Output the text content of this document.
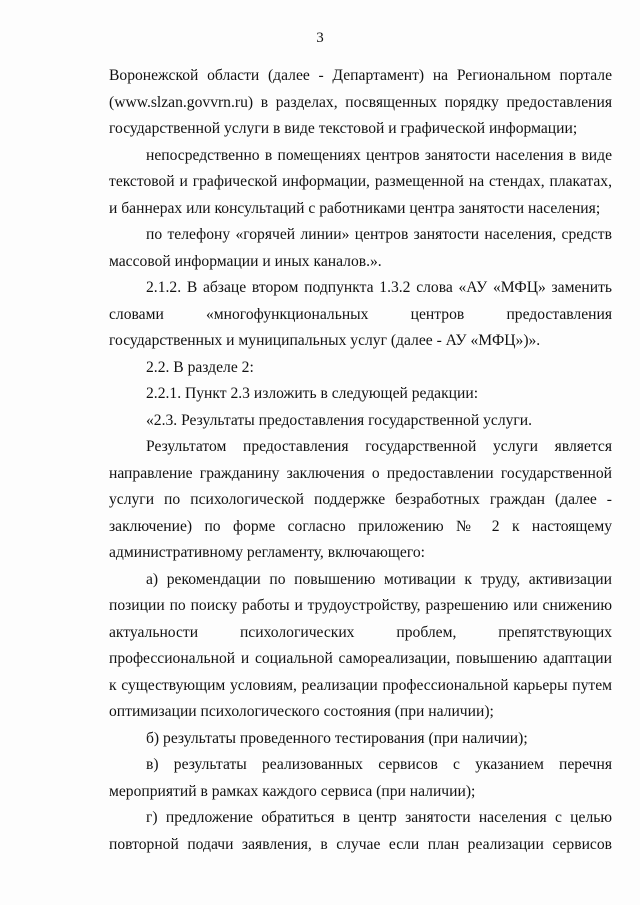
3

Воронежской области (далее - Департамент) на Региональном портале (www.slzan.govvrn.ru) в разделах, посвященных порядку предоставления государственной услуги в виде текстовой и графической информации;

непосредственно в помещениях центров занятости населения в виде текстовой и графической информации, размещенной на стендах, плакатах, и баннерах или консультаций с работниками центра занятости населения;

по телефону «горячей линии» центров занятости населения, средств массовой информации и иных каналов.».

2.1.2. В абзаце втором подпункта 1.3.2 слова «АУ «МФЦ» заменить словами «многофункциональных центров предоставления государственных и муниципальных услуг (далее - АУ «МФЦ»)».

2.2. В разделе 2:

2.2.1. Пункт 2.3 изложить в следующей редакции:

«2.3. Результаты предоставления государственной услуги.

Результатом предоставления государственной услуги является направление гражданину заключения о предоставлении государственной услуги по психологической поддержке безработных граждан (далее - заключение) по форме согласно приложению № 2 к настоящему административному регламенту, включающего:

а) рекомендации по повышению мотивации к труду, активизации позиции по поиску работы и трудоустройству, разрешению или снижению актуальности психологических проблем, препятствующих профессиональной и социальной самореализации, повышению адаптации к существующим условиям, реализации профессиональной карьеры путем оптимизации психологического состояния (при наличии);

б) результаты проведенного тестирования (при наличии);

в) результаты реализованных сервисов с указанием перечня мероприятий в рамках каждого сервиса (при наличии);

г) предложение обратиться в центр занятости населения с целью повторной подачи заявления, в случае если план реализации сервисов
